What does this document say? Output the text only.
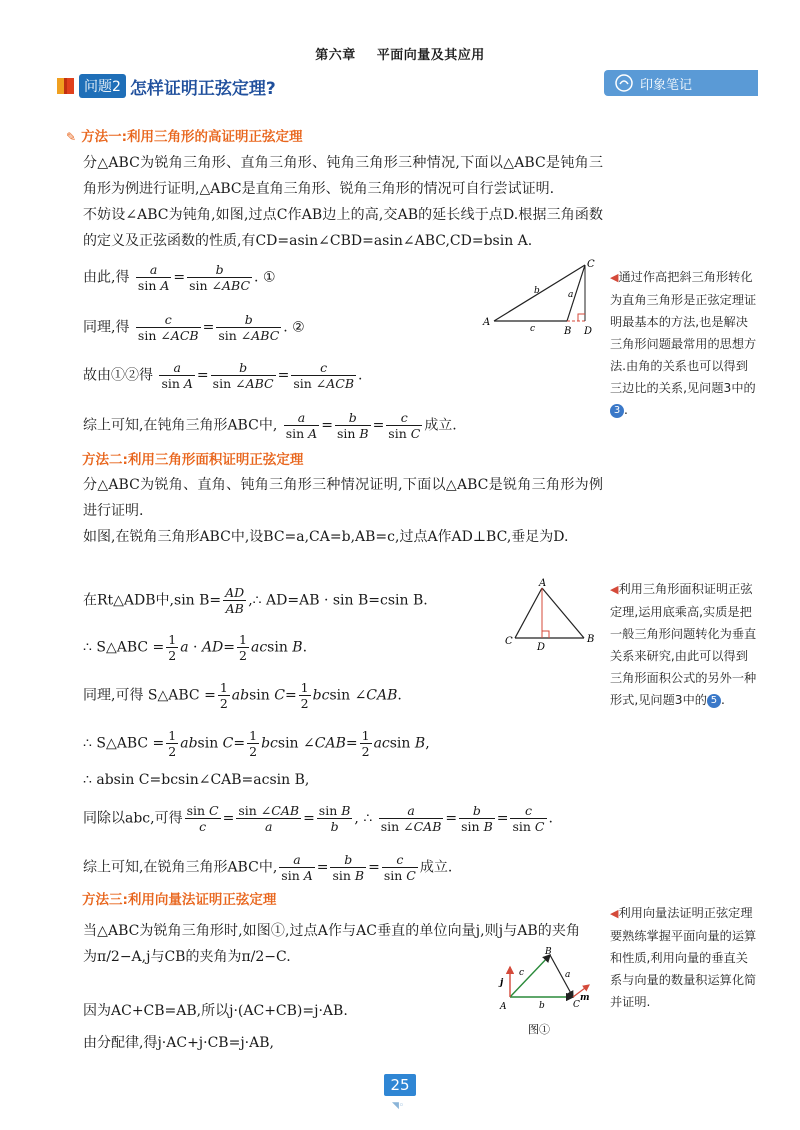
第六章 平面向量及其应用
问题2 怎样证明正弦定理?	印象笔记
✎ 方法一:利用三角形的高证明正弦定理
分△ABC为锐角三角形、直角三角形、钝角三角形三种情况,下面以△ABC是钝角三角形为例进行证明,△ABC是直角三角形、锐角三角形的情况可自行尝试证明.
不妨设∠ABC为钝角,如图,过点C作AB边上的高,交AB的延长线于点D.根据三角函数的定义及正弦函数的性质,有CD=asin∠CBD=asin∠ABC,CD=bsin A.
由此,得 $\frac{a}{\text{sin A}} = \frac{b}{\text{sin ∠ABC}}$ . ①
同理,得 $\frac{c}{\text{sin ∠ACB}} = \frac{b}{\text{sin ∠ABC}}$ . ②
故由①②得 $\frac{a}{\text{sin A}} = \frac{b}{\text{sin ∠ABC}} = \frac{c}{\text{sin ∠ACB}}$ .
综上可知,在钝角三角形ABC中, $\frac{a}{\text{sin A}} = \frac{b}{\text{sin B}} = \frac{c}{\text{sin C}}$ 成立.
A
B
C
D
b
c
a
◀通过作高把斜三角形转化为直角三角形是正弦定理证明最基本的方法,也是解决三角形问题最常用的思想方法.由角的关系也可以得到三边比的关系,见问题3中的3 .
方法二:利用三角形面积证明正弦定理
分△ABC为锐角、直角、钝角三角形三种情况证明,下面以△ABC是锐角三角形为例进行证明.
如图,在锐角三角形ABC中,设BC=a,CA=b,AB=c,过点A作AD⊥BC,垂足为D.
在Rt△ADB中,sin $B= \frac{AD}{AB}$ ,∴ AD=AB · sin B=csin B.
∴ S△ABC = $\frac{1}{2}$ $a \cdot AD= \frac{1}{2}$ acsin B.
同理,可得 S△ABC = $\frac{1}{2}$ absin $C= \frac{1}{2}$ bcsin ∠CAB.
∴ S△ABC = $\frac{1}{2}$ absin $C= \frac{1}{2}$ bcsin ∠CAB= $\frac{1}{2}$ acsin B,
∴ absin C=bcsin∠CAB=acsin B,
同除以abc,可得 $\frac{\text{sin C}}{c} = \frac{\text{sin ∠CAB}}{a} = \frac{\text{sin B}}{b}$ , ∴ $\frac{a}{\text{sin ∠CAB}} = \frac{b}{\text{sin B}} = \frac{c}{\text{sin C}}$ .
综上可知,在锐角三角形ABC中, $\frac{a}{\text{sin A}} = \frac{b}{\text{sin B}} = \frac{c}{\text{sin C}}$ 成立.
A
C
D
B
◀利用三角形面积证明正弦定理,运用底乘高,实质是把一般三角形问题转化为垂直关系来研究,由此可以得到三角形面积公式的另外一种形式,见问题3中的 5 .
方法三:利用向量法证明正弦定理
当△ABC为锐角三角形时,如图①,过点A作与AC垂直的单位向量j,则j与AB的夹角为π/2−A,j与CB的夹角为π/2−C.
因为AC+CB=AB,所以j·(AC+CB)=j·AB.
由分配律,得j·AC+j·CB=j·AB,
A
B
C
j
b
a
c
m
图①
◀利用向量法证明正弦定理要熟练掌握平面向量的运算和性质,利用向量的垂直关系与向量的数量积运算化简并证明.
25
◥◦
